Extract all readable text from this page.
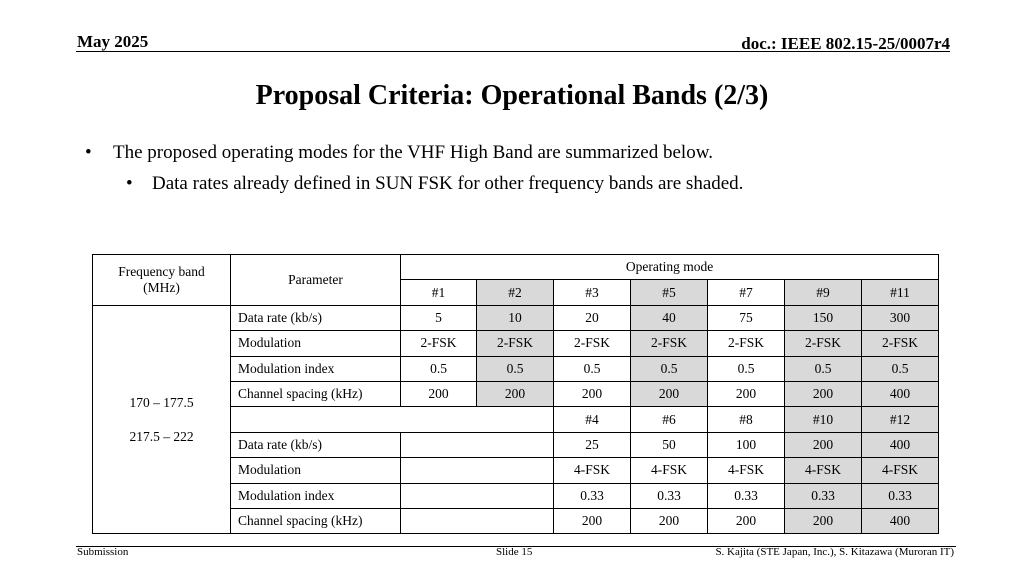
May 2025	doc.: IEEE 802.15-25/0007r4
Proposal Criteria: Operational Bands (2/3)
• The proposed operating modes for the VHF High Band are summarized below.
• Data rates already defined in SUN FSK for other frequency bands are shaded.
Frequency band (MHz)	Parameter	Operating mode						
		#1	#2	#3	#5	#7	#9	#11

170 – 177.5
217.5 – 222	Data rate (kb/s)	5	10	20	40	75	150	300
	Modulation	2-FSK	2-FSK	2-FSK	2-FSK	2-FSK	2-FSK	2-FSK
	Modulation index	0.5	0.5	0.5	0.5	0.5	0.5	0.5
	Channel spacing (kHz)	200	200	200	200	200	200	400
				#4	#6	#8	#10	#12
	Data rate (kb/s)			25	50	100	200	400
	Modulation			4-FSK	4-FSK	4-FSK	4-FSK	4-FSK
	Modulation index			0.33	0.33	0.33	0.33	0.33
	Channel spacing (kHz)			200	200	200	200	400
Submission	Slide 15	S. Kajita (STE Japan, Inc.), S. Kitazawa (Muroran IT)
